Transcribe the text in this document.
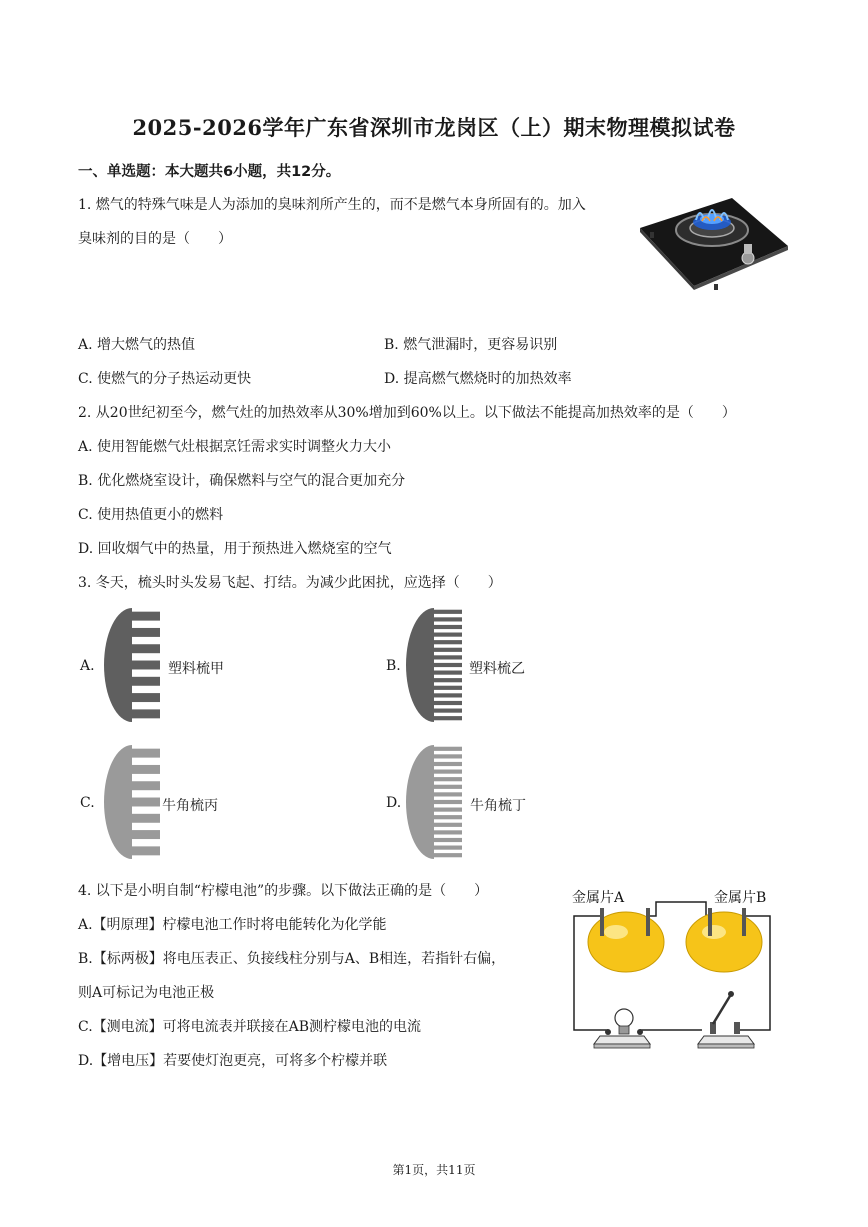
2025-2026学年广东省深圳市龙岗区（上）期末物理模拟试卷
一、单选题：本大题共6小题，共12分。
1. 燃气的特殊气味是人为添加的臭味剂所产生的，而不是燃气本身所固有的。加入
臭味剂的目的是（　　）
A. 增大燃气的热值	B. 燃气泄漏时，更容易识别
C. 使燃气的分子热运动更快	D. 提高燃气燃烧时的加热效率
2. 从20世纪初至今，燃气灶的加热效率从30%增加到60%以上。以下做法不能提高加热效率的是（　　）
A. 使用智能燃气灶根据烹饪需求实时调整火力大小
B. 优化燃烧室设计，确保燃料与空气的混合更加充分
C. 使用热值更小的燃料
D. 回收烟气中的热量，用于预热进入燃烧室的空气
3. 冬天，梳头时头发易飞起、打结。为减少此困扰，应选择（　　）
A.	塑料梳甲	B.	塑料梳乙
C.	牛角梳丙	D.	牛角梳丁
4. 以下是小明自制“柠檬电池”的步骤。以下做法正确的是（　　）
A.【明原理】柠檬电池工作时将电能转化为化学能
B.【标两极】将电压表正、负接线柱分别与A、B相连，若指针右偏，
则A可标记为电池正极
C.【测电流】可将电流表并联接在AB测柠檬电池的电流
D.【增电压】若要使灯泡更亮，可将多个柠檬并联
金属片A	金属片B
第1页，共11页
